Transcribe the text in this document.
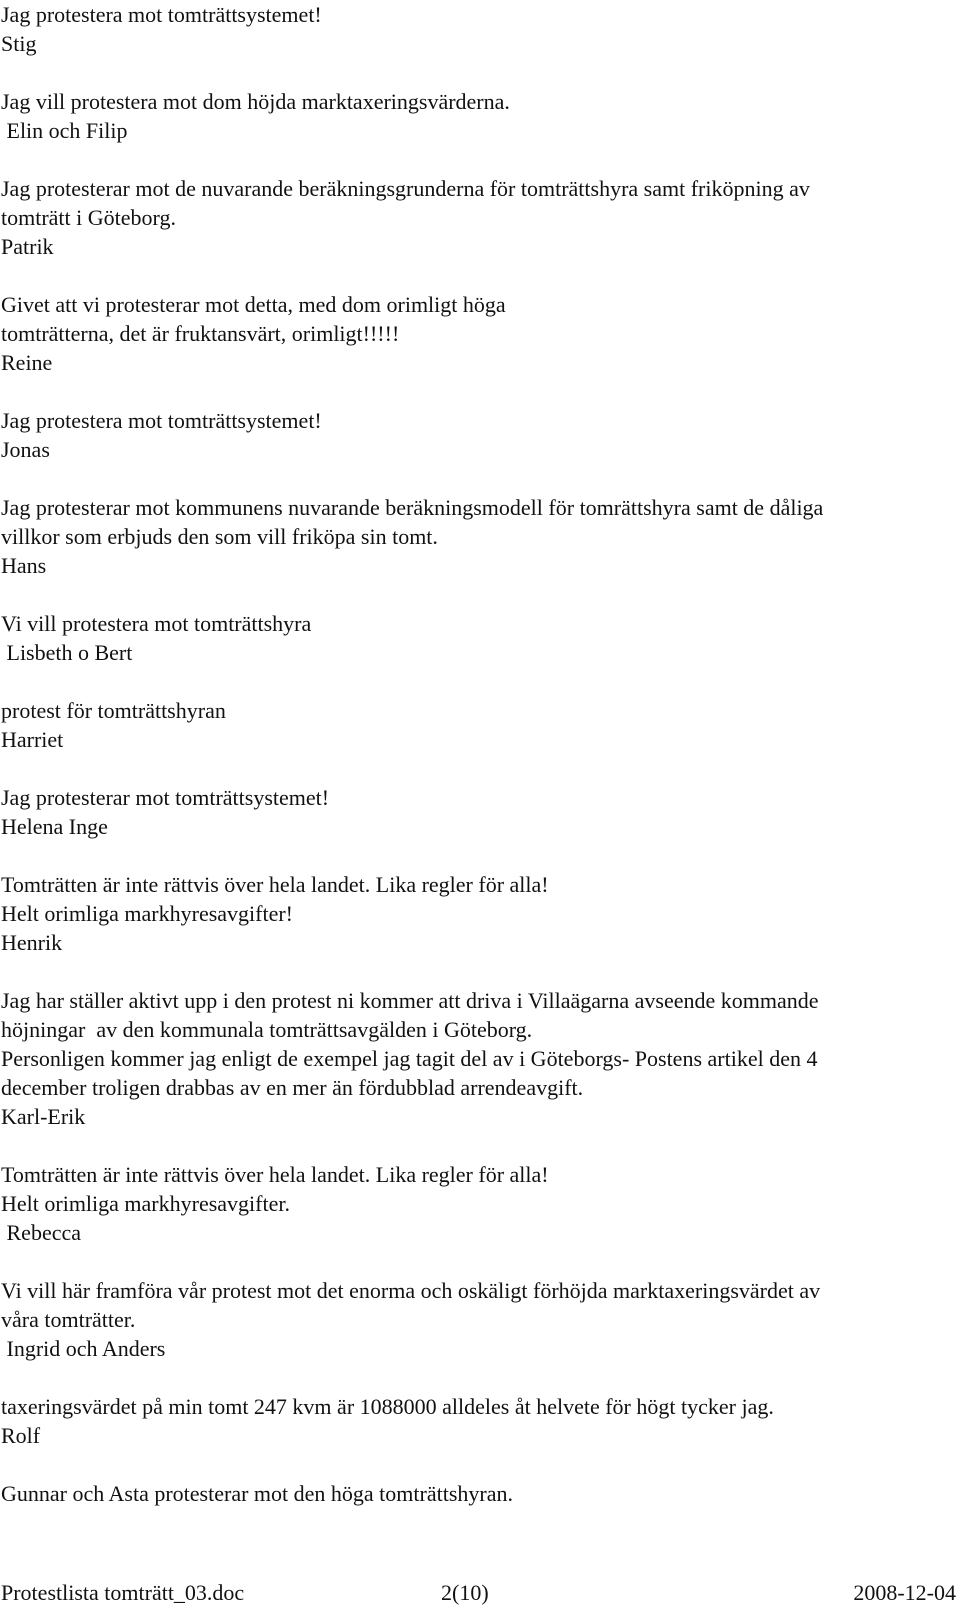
Jag protestera mot tomträttsystemet!
Stig
Jag vill protestera mot dom höjda marktaxeringsvärderna.
Elin och Filip
Jag protesterar mot de nuvarande beräkningsgrunderna för tomträttshyra samt friköpning av
tomträtt i Göteborg.
Patrik
Givet att vi protesterar mot detta, med dom orimligt höga
tomträtterna, det är fruktansvärt, orimligt!!!!!
Reine
Jag protestera mot tomträttsystemet!
Jonas
Jag protesterar mot kommunens nuvarande beräkningsmodell för tomrättshyra samt de dåliga
villkor som erbjuds den som vill friköpa sin tomt.
Hans
Vi vill protestera mot tomträttshyra
Lisbeth o Bert
protest för tomträttshyran
Harriet
Jag protesterar mot tomträttsystemet!
Helena Inge
Tomträtten är inte rättvis över hela landet. Lika regler för alla!
Helt orimliga markhyresavgifter!
Henrik
Jag har ställer aktivt upp i den protest ni kommer att driva i Villaägarna avseende kommande
höjningar  av den kommunala tomträttsavgälden i Göteborg.
Personligen kommer jag enligt de exempel jag tagit del av i Göteborgs- Postens artikel den 4
december troligen drabbas av en mer än fördubblad arrendeavgift.
Karl-Erik
Tomträtten är inte rättvis över hela landet. Lika regler för alla!
Helt orimliga markhyresavgifter.
Rebecca
Vi vill här framföra vår protest mot det enorma och oskäligt förhöjda marktaxeringsvärdet av
våra tomträtter.
Ingrid och Anders
taxeringsvärdet på min tomt 247 kvm är 1088000 alldeles åt helvete för högt tycker jag.
Rolf
Gunnar och Asta protesterar mot den höga tomträttshyran.
Protestlista tomträtt_03.doc	2(10)	2008-12-04
